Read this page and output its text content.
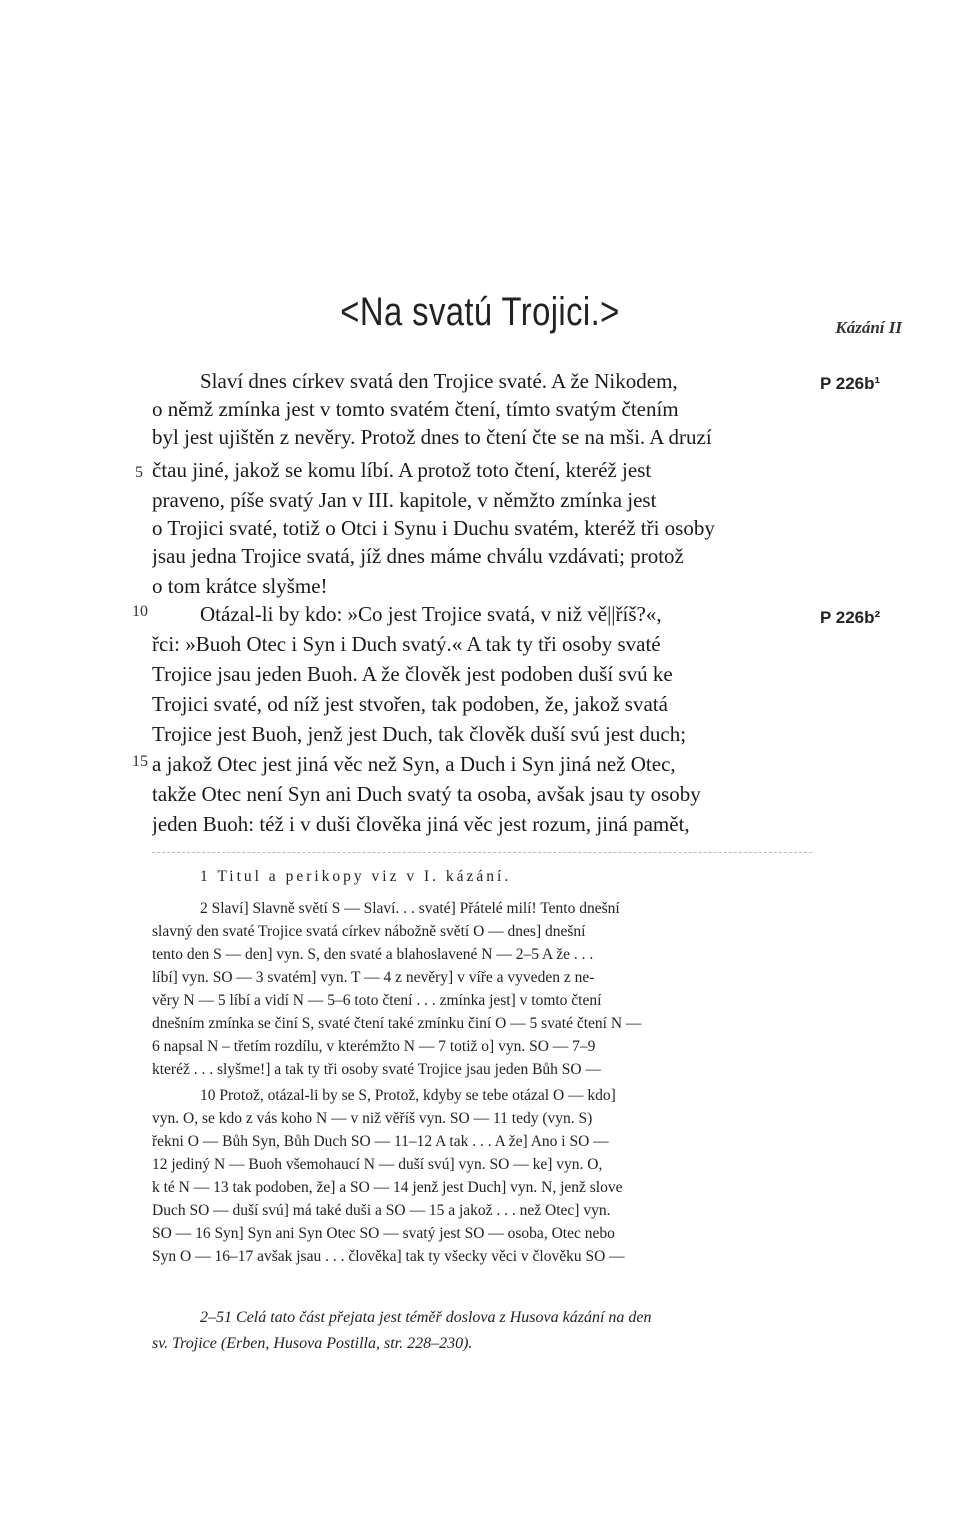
<Na svatú Trojici.>	Kázání II
P 226b¹
P 226b²
5
10
15
Slaví dnes církev svatá den Trojice svaté. A že Nikodem,
o němž zmínka jest v tomto svatém čtení, tímto svatým čtením
byl jest ujištěn z nevěry. Protož dnes to čtení čte se na mši. A druzí
čtau jiné, jakož se komu líbí. A protož toto čtení, kteréž jest
praveno, píše svatý Jan v III. kapitole, v němžto zmínka jest
o Trojici svaté, totiž o Otci i Synu i Duchu svatém, kteréž tři osoby
jsau jedna Trojice svatá, jíž dnes máme chválu vzdávati; protož
o tom krátce slyšme!
Otázal-li by kdo: »Co jest Trojice svatá, v niž vě||říš?«,
řci: »Buoh Otec i Syn i Duch svatý.« A tak ty tři osoby svaté
Trojice jsau jeden Buoh. A že člověk jest podoben duší svú ke
Trojici svaté, od níž jest stvořen, tak podoben, že, jakož svatá
Trojice jest Buoh, jenž jest Duch, tak člověk duší svú jest duch;
a jakož Otec jest jiná věc než Syn, a Duch i Syn jiná než Otec,
takže Otec není Syn ani Duch svatý ta osoba, avšak jsau ty osoby
jeden Buoh: též i v duši člověka jiná věc jest rozum, jiná pamět,
1 Titul a perikopy viz v I. kázání.
2 Slaví] Slavně světí S — Slaví. . . svaté] Přátelé milí! Tento dnešní
slavný den svaté Trojice svatá církev nábožně světí O — dnes] dnešní
tento den S — den] vyn. S, den svaté a blahoslavené N — 2–5 A že . . .
líbí] vyn. SO — 3 svatém] vyn. T — 4 z nevěry] v víře a vyveden z ne-
věry N — 5 líbí a vidí N — 5–6 toto čtení . . . zmínka jest] v tomto čtení
dnešním zmínka se činí S, svaté čtení také zmínku činí O — 5 svaté čtení N —
6 napsal N – třetím rozdílu, v kterémžto N — 7 totiž o] vyn. SO — 7–9
kteréž . . . slyšme!] a tak ty tři osoby svaté Trojice jsau jeden Bůh SO —
10 Protož, otázal-li by se S, Protož, kdyby se tebe otázal O — kdo]
vyn. O, se kdo z vás koho N — v niž věříš vyn. SO — 11 tedy (vyn. S)
řekni O — Bůh Syn, Bůh Duch SO — 11–12 A tak . . . A že] Ano i SO —
12 jediný N — Buoh všemohaucí N — duší svú] vyn. SO — ke] vyn. O,
k té N — 13 tak podoben, že] a SO — 14 jenž jest Duch] vyn. N, jenž slove
Duch SO — duší svú] má také duši a SO — 15 a jakož . . . než Otec] vyn.
SO — 16 Syn] Syn ani Syn Otec SO — svatý jest SO — osoba, Otec nebo
Syn O — 16–17 avšak jsau . . . člověka] tak ty všecky věci v člověku SO —
2–51 Celá tato část přejata jest téměř doslova z Husova kázání na den
sv. Trojice (Erben, Husova Postilla, str. 228–230).
